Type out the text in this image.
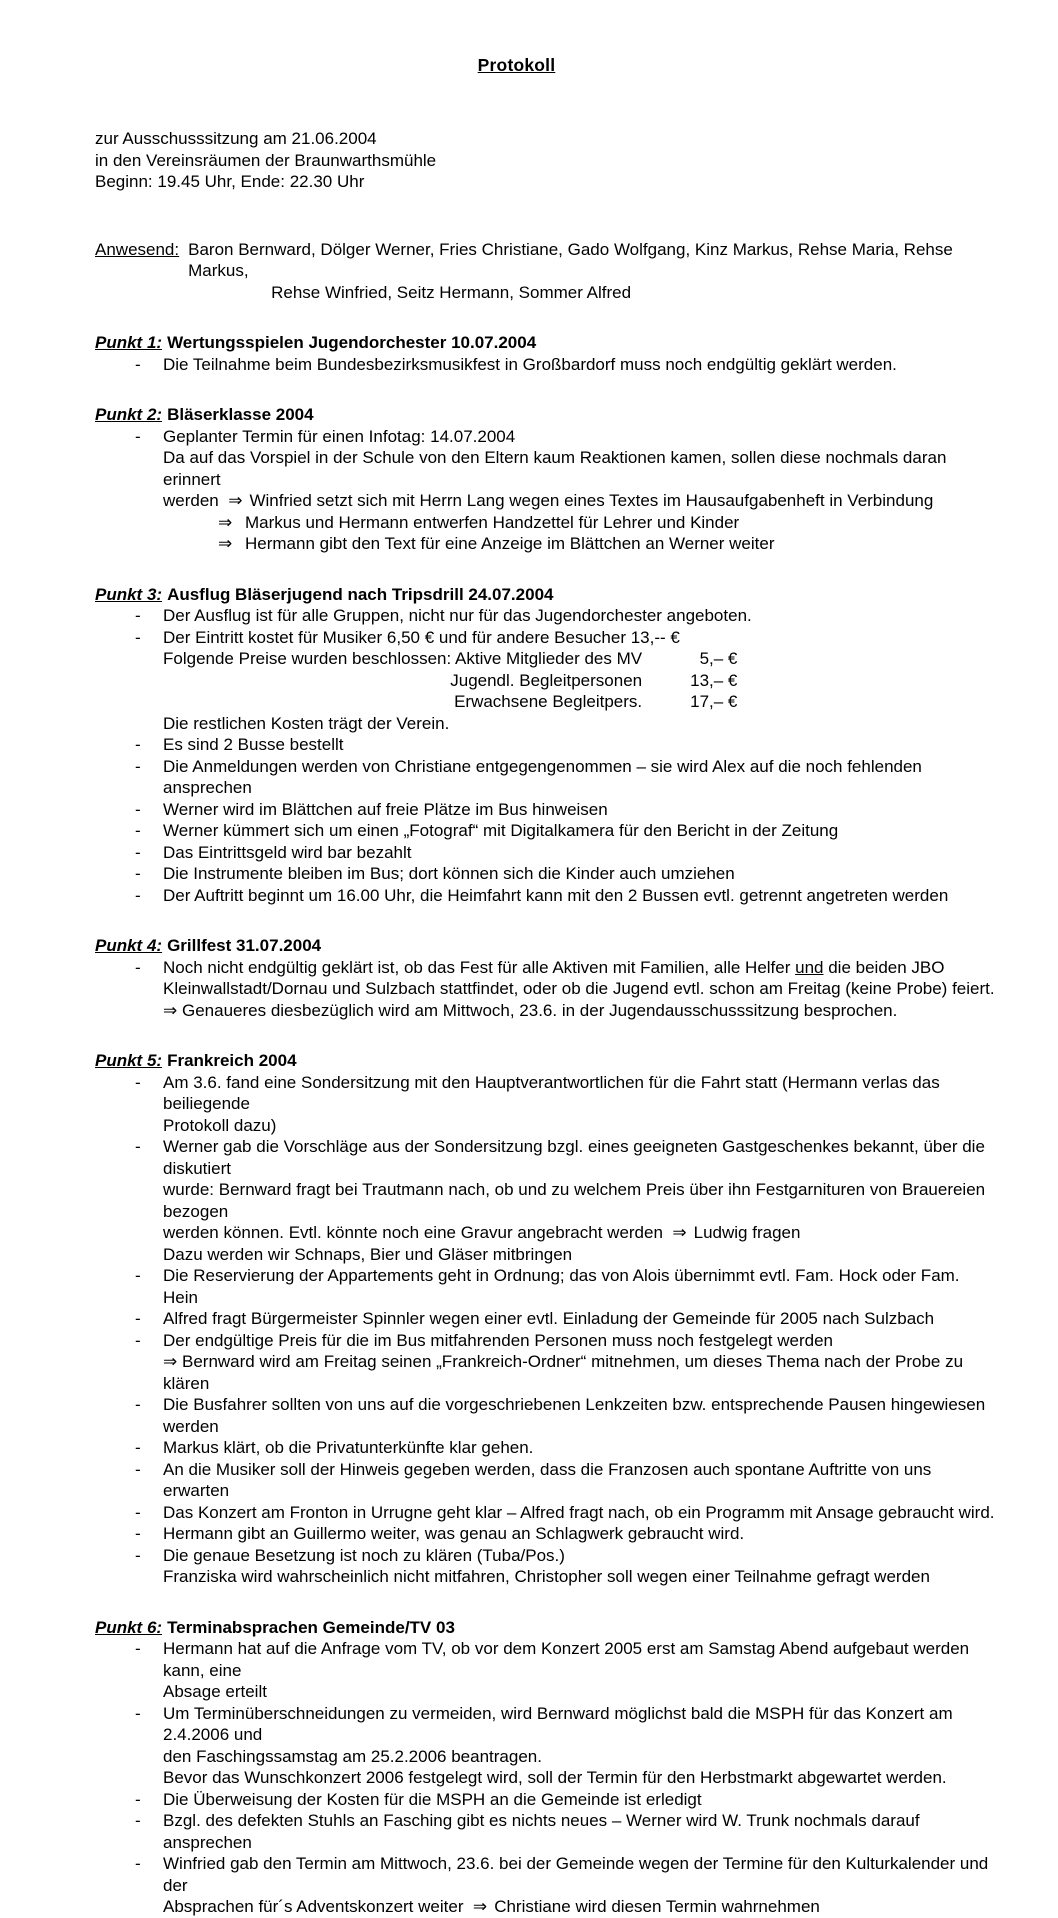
Protokoll
zur Ausschusssitzung am 21.06.2004
in den Vereinsräumen der Braunwarthsmühle
Beginn: 19.45 Uhr, Ende: 22.30 Uhr
Anwesend: Baron Bernward, Dölger Werner, Fries Christiane, Gado Wolfgang, Kinz Markus, Rehse Maria, Rehse Markus,
Rehse Winfried, Seitz Hermann, Sommer Alfred
Punkt 1: Wertungsspielen Jugendorchester 10.07.2004
- Die Teilnahme beim Bundesbezirksmusikfest in Großbardorf muss noch endgültig geklärt werden.
Punkt 2: Bläserklasse 2004
- Geplanter Termin für einen Infotag: 14.07.2004
Da auf das Vorspiel in der Schule von den Eltern kaum Reaktionen kamen, sollen diese nochmals daran erinnert
werden  ⇒ Winfried setzt sich mit Herrn Lang wegen eines Textes im Hausaufgabenheft in Verbindung
⇒ Markus und Hermann entwerfen Handzettel für Lehrer und Kinder
⇒ Hermann gibt den Text für eine Anzeige im Blättchen an Werner weiter
Punkt 3: Ausflug Bläserjugend nach Tripsdrill 24.07.2004
- Der Ausflug ist für alle Gruppen, nicht nur für das Jugendorchester angeboten.
- Der Eintritt kostet für Musiker 6,50 € und für andere Besucher 13,-- €
Folgende Preise wurden beschlossen: Aktive Mitglieder des MV	5,– €
Jugendl. Begleitpersonen	13,– €
Erwachsene Begleitpers.	17,– €
Die restlichen Kosten trägt der Verein.
- Es sind 2 Busse bestellt
- Die Anmeldungen werden von Christiane entgegengenommen – sie wird Alex auf die noch fehlenden ansprechen
- Werner wird im Blättchen auf freie Plätze im Bus hinweisen
- Werner kümmert sich um einen „Fotograf“ mit Digitalkamera für den Bericht in der Zeitung
- Das Eintrittsgeld wird bar bezahlt
- Die Instrumente bleiben im Bus; dort können sich die Kinder auch umziehen
- Der Auftritt beginnt um 16.00 Uhr, die Heimfahrt kann mit den 2 Bussen evtl. getrennt angetreten werden
Punkt 4: Grillfest 31.07.2004
- Noch nicht endgültig geklärt ist, ob das Fest für alle Aktiven mit Familien, alle Helfer und die beiden JBO
Kleinwallstadt/Dornau und Sulzbach stattfindet, oder ob die Jugend evtl. schon am Freitag (keine Probe) feiert.
⇒ Genaueres diesbezüglich wird am Mittwoch, 23.6. in der Jugendausschusssitzung besprochen.
Punkt 5: Frankreich 2004
- Am 3.6. fand eine Sondersitzung mit den Hauptverantwortlichen für die Fahrt statt (Hermann verlas das beiliegende
Protokoll dazu)
- Werner gab die Vorschläge aus der Sondersitzung bzgl. eines geeigneten Gastgeschenkes bekannt, über die diskutiert
wurde: Bernward fragt bei Trautmann nach, ob und zu welchem Preis über ihn Festgarnituren von Brauereien bezogen
werden können. Evtl. könnte noch eine Gravur angebracht werden  ⇒ Ludwig fragen
Dazu werden wir Schnaps, Bier und Gläser mitbringen
- Die Reservierung der Appartements geht in Ordnung; das von Alois übernimmt evtl. Fam. Hock oder Fam. Hein
- Alfred fragt Bürgermeister Spinnler wegen einer evtl. Einladung der Gemeinde für 2005 nach Sulzbach
- Der endgültige Preis für die im Bus mitfahrenden Personen muss noch festgelegt werden
⇒ Bernward wird am Freitag seinen „Frankreich-Ordner“ mitnehmen, um dieses Thema nach der Probe zu klären
- Die Busfahrer sollten von uns auf die vorgeschriebenen Lenkzeiten bzw. entsprechende Pausen hingewiesen werden
- Markus klärt, ob die Privatunterkünfte klar gehen.
- An die Musiker soll der Hinweis gegeben werden, dass die Franzosen auch spontane Auftritte von uns erwarten
- Das Konzert am Fronton in Urrugne geht klar – Alfred fragt nach, ob ein Programm mit Ansage gebraucht wird.
- Hermann gibt an Guillermo weiter, was genau an Schlagwerk gebraucht wird.
- Die genaue Besetzung ist noch zu klären (Tuba/Pos.)
Franziska wird wahrscheinlich nicht mitfahren, Christopher soll wegen einer Teilnahme gefragt werden
Punkt 6: Terminabsprachen Gemeinde/TV 03
- Hermann hat auf die Anfrage vom TV, ob vor dem Konzert 2005 erst am Samstag Abend aufgebaut werden kann, eine
Absage erteilt
- Um Terminüberschneidungen zu vermeiden, wird Bernward möglichst bald die MSPH für das Konzert am 2.4.2006 und
den Faschingssamstag am 25.2.2006 beantragen.
Bevor das Wunschkonzert 2006 festgelegt wird, soll der Termin für den Herbstmarkt abgewartet werden.
- Die Überweisung der Kosten für die MSPH an die Gemeinde ist erledigt
- Bzgl. des defekten Stuhls an Fasching gibt es nichts neues – Werner wird W. Trunk nochmals darauf ansprechen
- Winfried gab den Termin am Mittwoch, 23.6. bei der Gemeinde wegen der Termine für den Kulturkalender und der
Absprachen für´s Adventskonzert weiter  ⇒ Christiane wird diesen Termin wahrnehmen
